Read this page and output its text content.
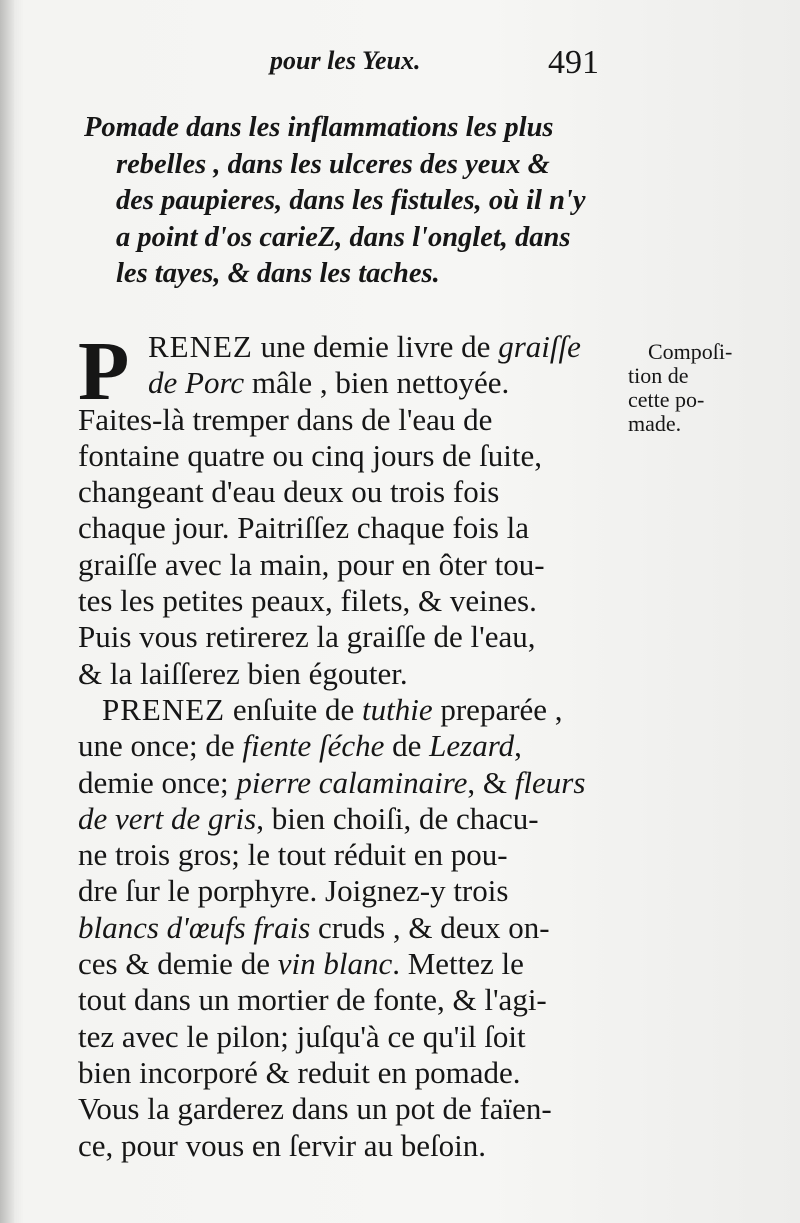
pour les Yeux.	491
Pomade dans les inflammations les plus
rebelles , dans les ulceres des yeux &
des paupieres, dans les fistules, où il n'y
a point d'os carieZ, dans l'onglet, dans
les tayes, & dans les taches.
P RENEZ une demie livre de graiſſe
de Porc mâle , bien nettoyée.
Faites-là tremper dans de l'eau de
fontaine quatre ou cinq jours de ſuite,
changeant d'eau deux ou trois fois
chaque jour. Paitriſſez chaque fois la
graiſſe avec la main, pour en ôter tou-
tes les petites peaux, filets, & veines.
Puis vous retirerez la graiſſe de l'eau,
& la laiſſerez bien égouter.
PRENEZ enſuite de tuthie preparée ,
une once; de fiente ſéche de Lezard,
demie once; pierre calaminaire, & fleurs
de vert de gris, bien choiſi, de chacu-
ne trois gros; le tout réduit en pou-
dre ſur le porphyre. Joignez-y trois
blancs d'œufs frais cruds , & deux on-
ces & demie de vin blanc. Mettez le
tout dans un mortier de fonte, & l'agi-
tez avec le pilon; juſqu'à ce qu'il ſoit
bien incorporé & reduit en pomade.
Vous la garderez dans un pot de faïen-
ce, pour vous en ſervir au beſoin.
Compoſi-
tion de
cette po-
made.
